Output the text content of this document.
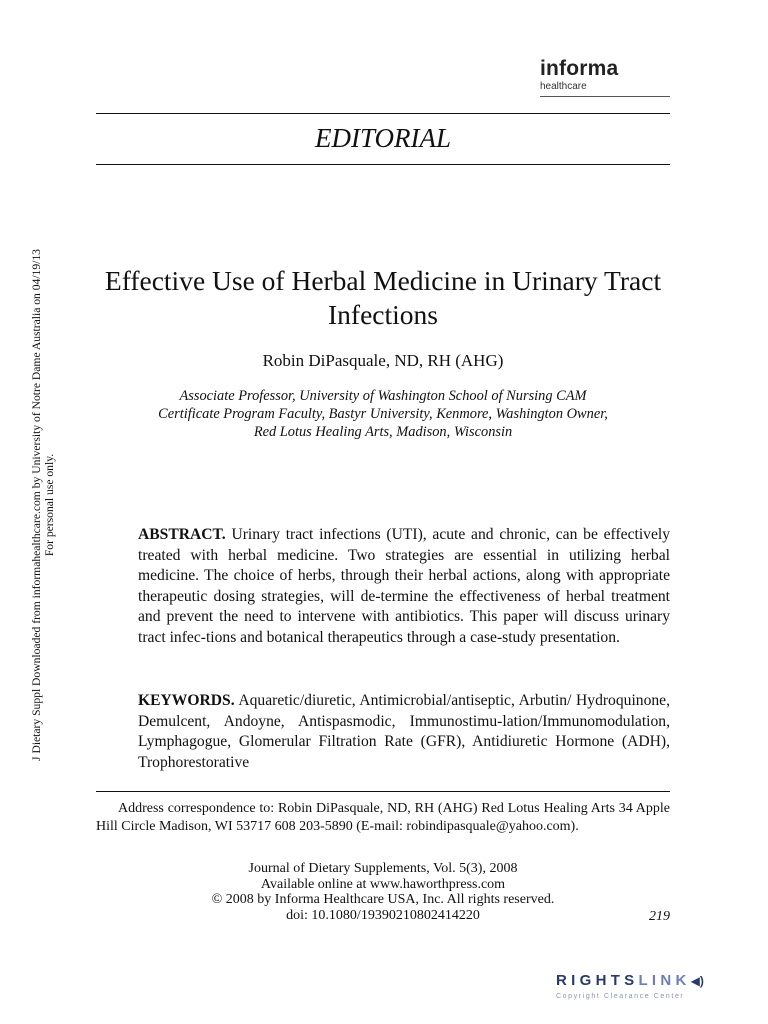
informa
healthcare
EDITORIAL
J Dietary Suppl Downloaded from informahealthcare.com by University of Notre Dame Australia on 04/19/13 For personal use only.
Effective Use of Herbal Medicine in Urinary Tract Infections
Robin DiPasquale, ND, RH (AHG)
Associate Professor, University of Washington School of Nursing CAM
Certificate Program Faculty, Bastyr University, Kenmore, Washington Owner,
Red Lotus Healing Arts, Madison, Wisconsin
ABSTRACT. Urinary tract infections (UTI), acute and chronic, can be effectively treated with herbal medicine. Two strategies are essential in utilizing herbal medicine. The choice of herbs, through their herbal actions, along with appropriate therapeutic dosing strategies, will de-termine the effectiveness of herbal treatment and prevent the need to intervene with antibiotics. This paper will discuss urinary tract infec-tions and botanical therapeutics through a case-study presentation.
KEYWORDS. Aquaretic/diuretic, Antimicrobial/antiseptic, Arbutin/ Hydroquinone, Demulcent, Andoyne, Antispasmodic, Immunostimu-lation/Immunomodulation, Lymphagogue, Glomerular Filtration Rate (GFR), Antidiuretic Hormone (ADH), Trophorestorative
Address correspondence to: Robin DiPasquale, ND, RH (AHG) Red Lotus Healing Arts 34 Apple Hill Circle Madison, WI 53717 608 203-5890 (E-mail: robindipasquale@yahoo.com).
Journal of Dietary Supplements, Vol. 5(3), 2008
Available online at www.haworthpress.com
© 2008 by Informa Healthcare USA, Inc. All rights reserved.
doi: 10.1080/19390210802414220	219
RIGHTSLINK◀)
Copyright Clearance Center
